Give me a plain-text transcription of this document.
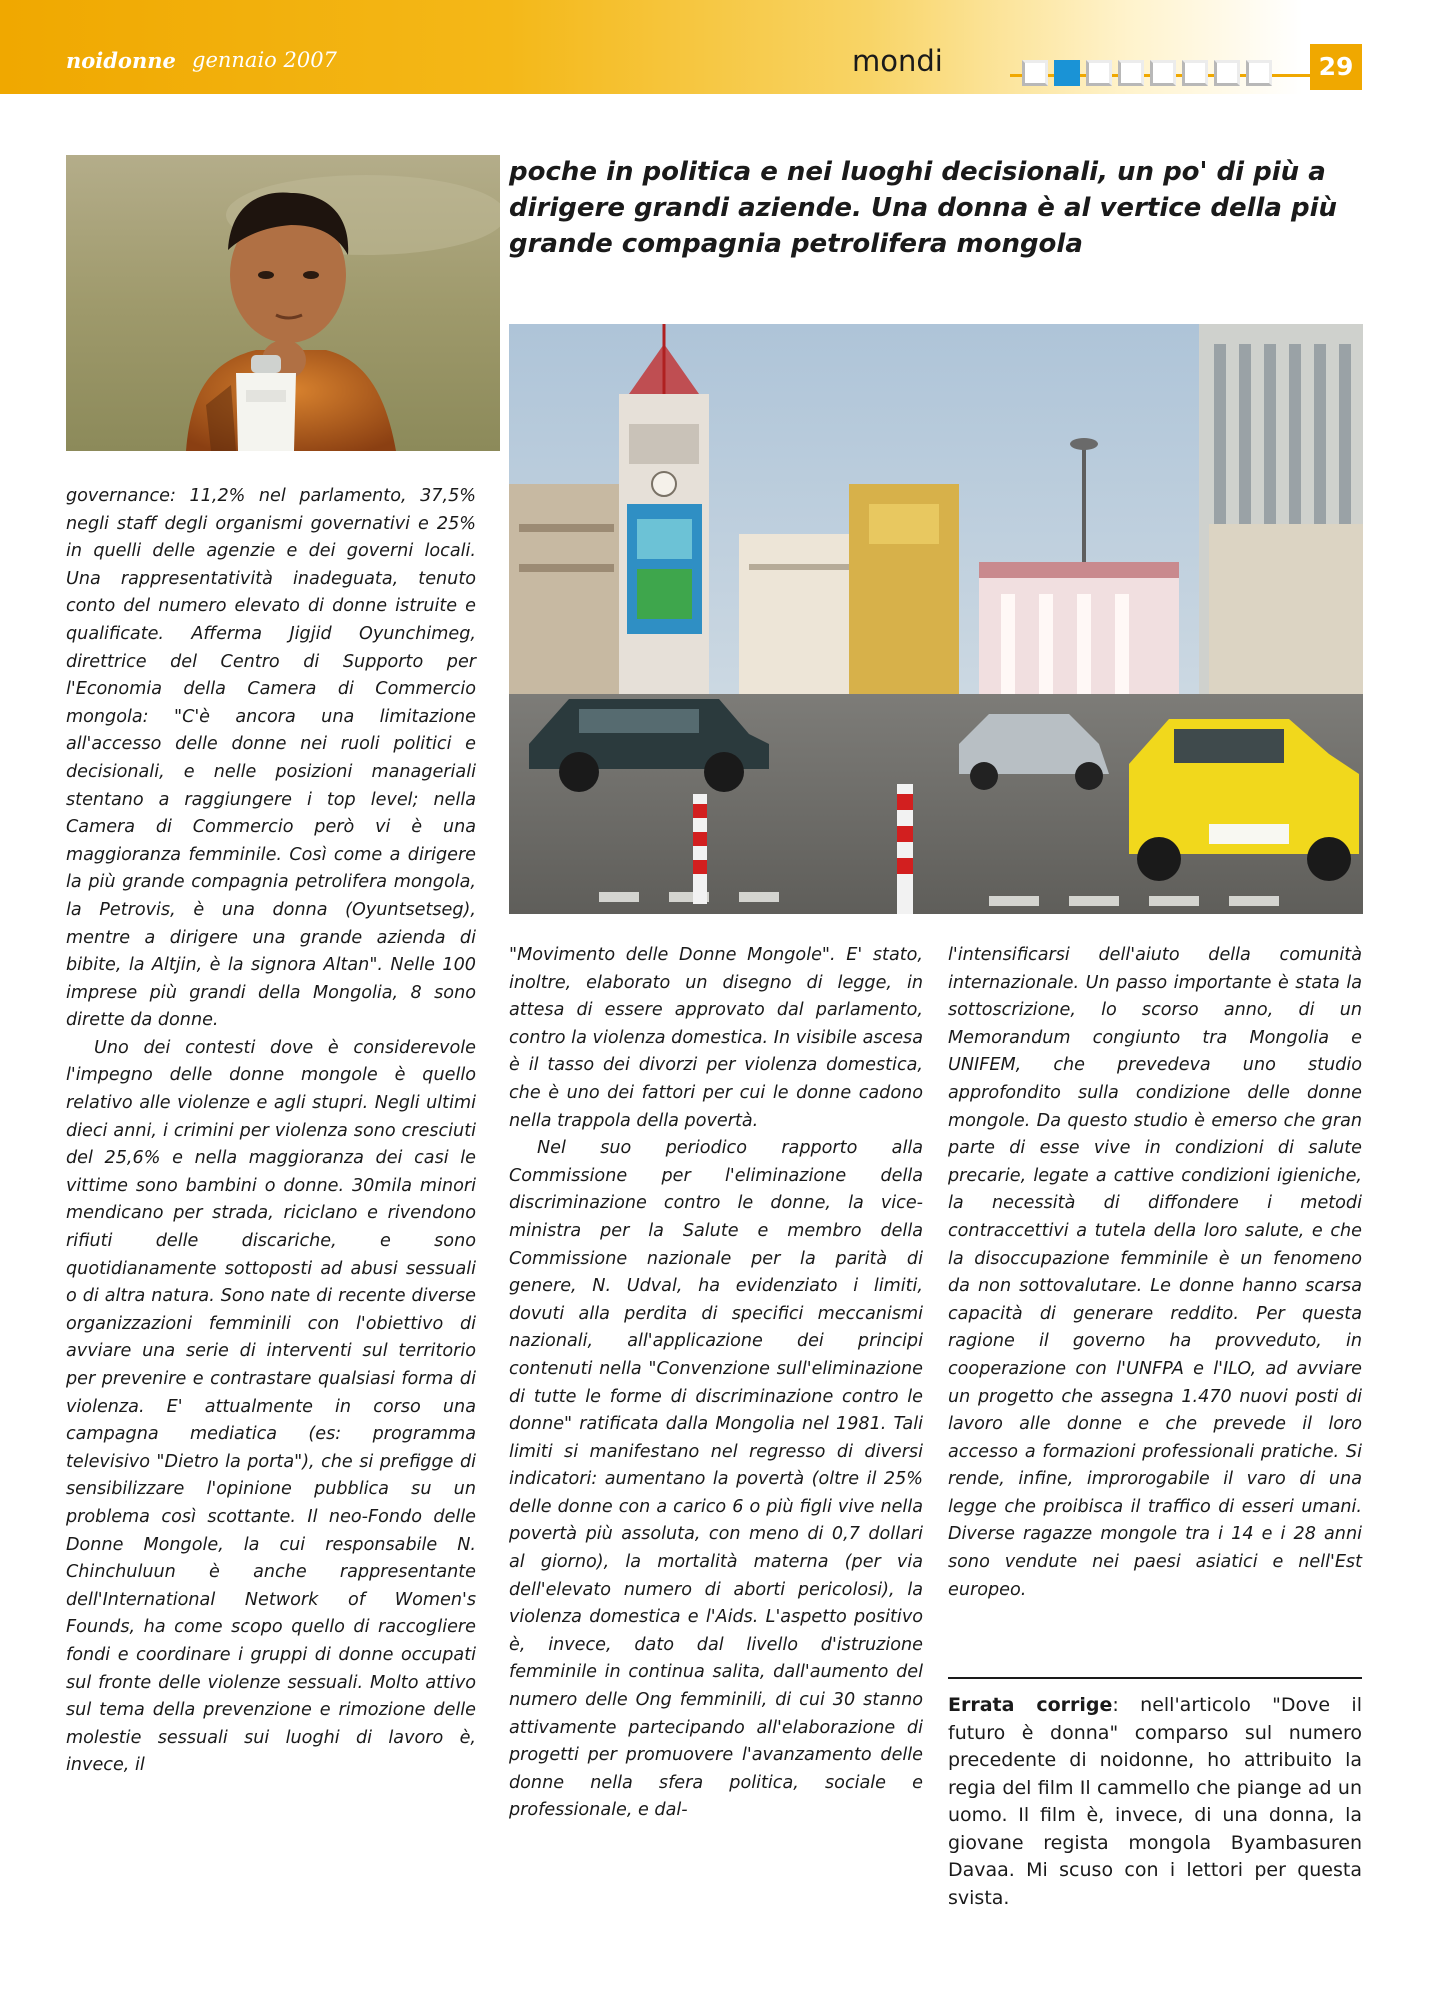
noidonne gennaio 2007	mondi	29
poche in politica e nei luoghi decisionali, un po' di più a dirigere grandi aziende. Una donna è al vertice della più grande compagnia petrolifera mongola

governance: 11,2% nel parlamento, 37,5% negli staff degli organismi governativi e 25% in quelli delle agenzie e dei governi locali. Una rappresentatività inadeguata, tenuto conto del numero elevato di donne istruite e qualificate. Afferma Jigjid Oyunchimeg, direttrice del Centro di Supporto per l'Economia della Camera di Commercio mongola: "C'è ancora una limitazione all'accesso delle donne nei ruoli politici e decisionali, e nelle posizioni manageriali stentano a raggiungere i top level; nella Camera di Commercio però vi è una maggioranza femminile. Così come a dirigere la più grande compagnia petrolifera mongola, la Petrovis, è una donna (Oyuntsetseg), mentre a dirigere una grande azienda di bibite, la Altjin, è la signora Altan". Nelle 100 imprese più grandi della Mongolia, 8 sono dirette da donne.

Uno dei contesti dove è considerevole l'impegno delle donne mongole è quello relativo alle violenze e agli stupri. Negli ultimi dieci anni, i crimini per violenza sono cresciuti del 25,6% e nella maggioranza dei casi le vittime sono bambini o donne. 30mila minori mendicano per strada, riciclano e rivendono rifiuti delle discariche, e sono quotidianamente sottoposti ad abusi sessuali o di altra natura. Sono nate di recente diverse organizzazioni femminili con l'obiettivo di avviare una serie di interventi sul territorio per prevenire e contrastare qualsiasi forma di violenza. E' attualmente in corso una campagna mediatica (es: programma televisivo "Dietro la porta"), che si prefigge di sensibilizzare l'opinione pubblica su un problema così scottante. Il neo-Fondo delle Donne Mongole, la cui responsabile N. Chinchuluun è anche rappresentante dell'International Network of Women's Founds, ha come scopo quello di raccogliere fondi e coordinare i gruppi di donne occupati sul fronte delle violenze sessuali. Molto attivo sul tema della prevenzione e rimozione delle molestie sessuali sui luoghi di lavoro è, invece, il

"Movimento delle Donne Mongole". E' stato, inoltre, elaborato un disegno di legge, in attesa di essere approvato dal parlamento, contro la violenza domestica. In visibile ascesa è il tasso dei divorzi per violenza domestica, che è uno dei fattori per cui le donne cadono nella trappola della povertà.

Nel suo periodico rapporto alla Commissione per l'eliminazione della discriminazione contro le donne, la vice-ministra per la Salute e membro della Commissione nazionale per la parità di genere, N. Udval, ha evidenziato i limiti, dovuti alla perdita di specifici meccanismi nazionali, all'applicazione dei principi contenuti nella "Convenzione sull'eliminazione di tutte le forme di discriminazione contro le donne" ratificata dalla Mongolia nel 1981. Tali limiti si manifestano nel regresso di diversi indicatori: aumentano la povertà (oltre il 25% delle donne con a carico 6 o più figli vive nella povertà più assoluta, con meno di 0,7 dollari al giorno), la mortalità materna (per via dell'elevato numero di aborti pericolosi), la violenza domestica e l'Aids. L'aspetto positivo è, invece, dato dal livello d'istruzione femminile in continua salita, dall'aumento del numero delle Ong femminili, di cui 30 stanno attivamente partecipando all'elaborazione di progetti per promuovere l'avanzamento delle donne nella sfera politica, sociale e professionale, e dal-

l'intensificarsi dell'aiuto della comunità internazionale. Un passo importante è stata la sottoscrizione, lo scorso anno, di un Memorandum congiunto tra Mongolia e UNIFEM, che prevedeva uno studio approfondito sulla condizione delle donne mongole. Da questo studio è emerso che gran parte di esse vive in condizioni di salute precarie, legate a cattive condizioni igieniche, la necessità di diffondere i metodi contraccettivi a tutela della loro salute, e che la disoccupazione femminile è un fenomeno da non sottovalutare. Le donne hanno scarsa capacità di generare reddito. Per questa ragione il governo ha provveduto, in cooperazione con l'UNFPA e l'ILO, ad avviare un progetto che assegna 1.470 nuovi posti di lavoro alle donne e che prevede il loro accesso a formazioni professionali pratiche. Si rende, infine, improrogabile il varo di una legge che proibisca il traffico di esseri umani. Diverse ragazze mongole tra i 14 e i 28 anni sono vendute nei paesi asiatici e nell'Est europeo.

Errata corrige: nell'articolo "Dove il futuro è donna" comparso sul numero precedente di noidonne, ho attribuito la regia del film Il cammello che piange ad un uomo. Il film è, invece, di una donna, la giovane regista mongola Byambasuren Davaa. Mi scuso con i lettori per questa svista.
